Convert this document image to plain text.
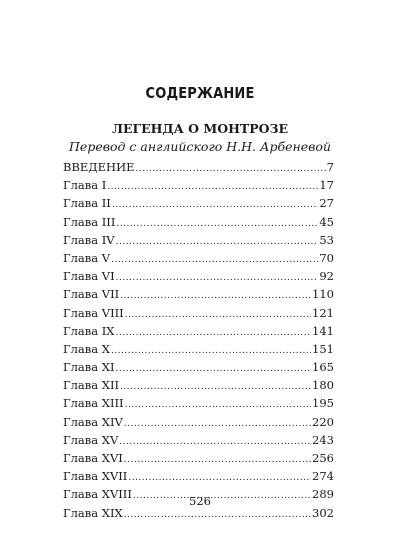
СОДЕРЖАНИЕ
ЛЕГЕНДА О МОНТРОЗЕ
Перевод с английского Н.Н. Арбеневой
ВВЕДЕНИЕ .....	7
Глава I .....	17
Глава II .....	27
Глава III .....	45
Глава IV .....	53
Глава V .....	70
Глава VI .....	92
Глава VII .....	110
Глава VIII .....	121
Глава IX .....	141
Глава X .....	151
Глава XI .....	165
Глава XII .....	180
Глава XIII .....	195
Глава XIV .....	220
Глава XV .....	243
Глава XVI .....	256
Глава XVII .....	274
Глава XVIII .....	289
Глава XIX .....	302
526
